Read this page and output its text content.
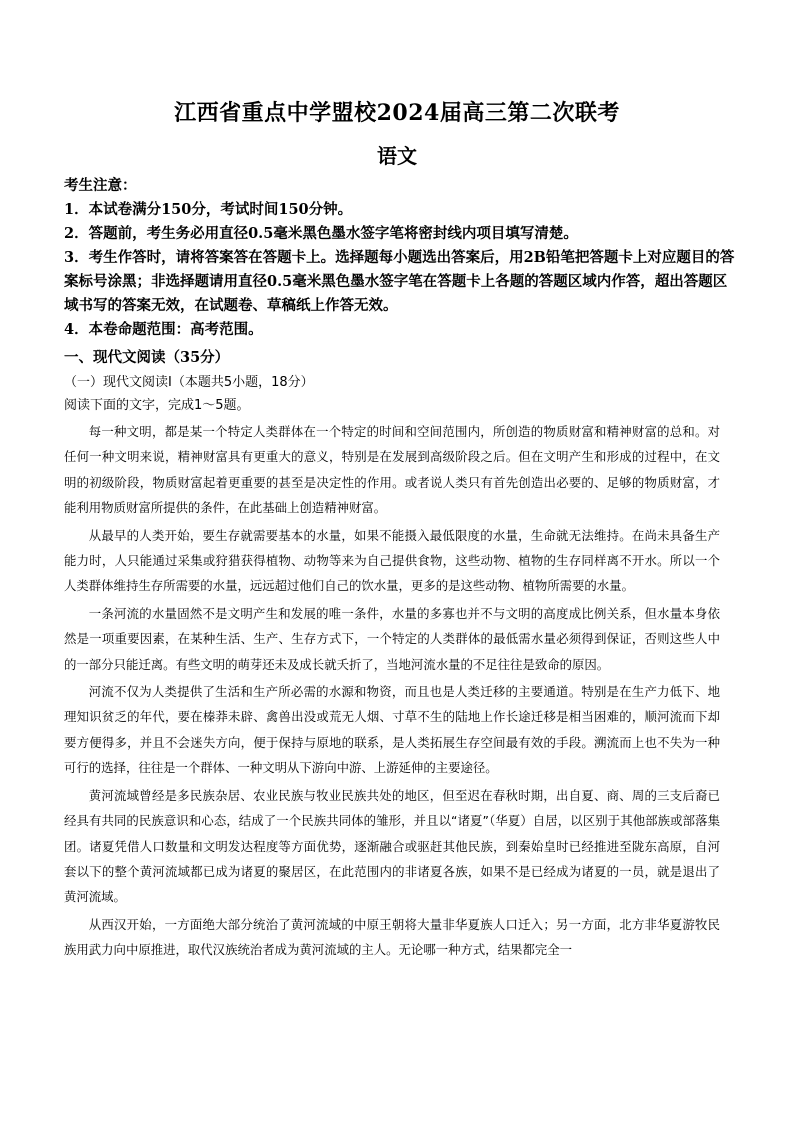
江西省重点中学盟校2024届高三第二次联考
语文

考生注意：

1．本试卷满分150分，考试时间150分钟。

2．答题前，考生务必用直径0.5毫米黑色墨水签字笔将密封线内项目填写清楚。

3．考生作答时，请将答案答在答题卡上。选择题每小题选出答案后，用2B铅笔把答题卡上对应题目的答案标号涂黑；非选择题请用直径0.5毫米黑色墨水签字笔在答题卡上各题的答题区域内作答，超出答题区域书写的答案无效，在试题卷、草稿纸上作答无效。

4．本卷命题范围：高考范围。

一、现代文阅读（35分）
（一）现代文阅读Ⅰ（本题共5小题，18分）
阅读下面的文字，完成1～5题。

每一种文明，都是某一个特定人类群体在一个特定的时间和空间范围内，所创造的物质财富和精神财富的总和。对任何一种文明来说，精神财富具有更重大的意义，特别是在发展到高级阶段之后。但在文明产生和形成的过程中，在文明的初级阶段，物质财富起着更重要的甚至是决定性的作用。或者说人类只有首先创造出必要的、足够的物质财富，才能利用物质财富所提供的条件，在此基础上创造精神财富。

从最早的人类开始，要生存就需要基本的水量，如果不能摄入最低限度的水量，生命就无法维持。在尚未具备生产能力时，人只能通过采集或狩猎获得植物、动物等来为自己提供食物，这些动物、植物的生存同样离不开水。所以一个人类群体维持生存所需要的水量，远远超过他们自己的饮水量，更多的是这些动物、植物所需要的水量。

一条河流的水量固然不是文明产生和发展的唯一条件，水量的多寡也并不与文明的高度成比例关系，但水量本身依然是一项重要因素，在某种生活、生产、生存方式下，一个特定的人类群体的最低需水量必须得到保证，否则这些人中的一部分只能迁离。有些文明的萌芽还未及成长就夭折了，当地河流水量的不足往往是致命的原因。

河流不仅为人类提供了生活和生产所必需的水源和物资，而且也是人类迁移的主要通道。特别是在生产力低下、地理知识贫乏的年代，要在榛莽未辟、禽兽出没或荒无人烟、寸草不生的陆地上作长途迁移是相当困难的，顺河流而下却要方便得多，并且不会迷失方向，便于保持与原地的联系，是人类拓展生存空间最有效的手段。溯流而上也不失为一种可行的选择，往往是一个群体、一种文明从下游向中游、上游延伸的主要途径。

黄河流域曾经是多民族杂居、农业民族与牧业民族共处的地区，但至迟在春秋时期，出自夏、商、周的三支后裔已经具有共同的民族意识和心态，结成了一个民族共同体的雏形，并且以“诸夏”（华夏）自居，以区别于其他部族或部落集团。诸夏凭借人口数量和文明发达程度等方面优势，逐渐融合或驱赶其他民族，到秦始皇时已经推进至陇东高原，自河套以下的整个黄河流域都已成为诸夏的聚居区，在此范围内的非诸夏各族，如果不是已经成为诸夏的一员，就是退出了黄河流域。

从西汉开始，一方面绝大部分统治了黄河流域的中原王朝将大量非华夏族人口迁入；另一方面，北方非华夏游牧民族用武力向中原推进，取代汉族统治者成为黄河流域的主人。无论哪一种方式，结果都完全一
